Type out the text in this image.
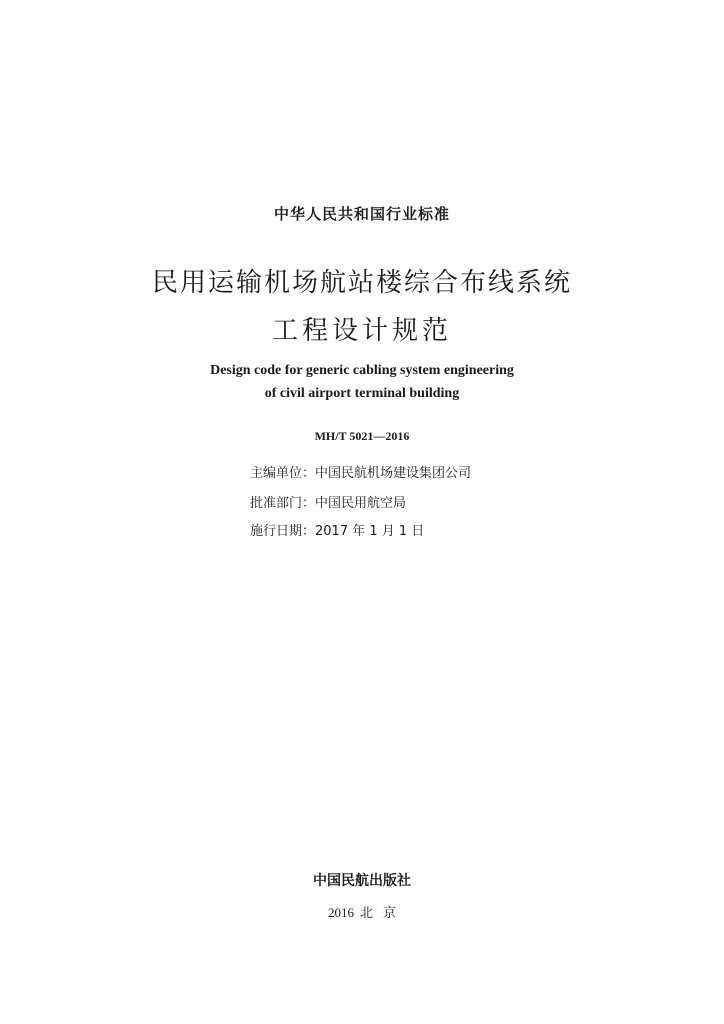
中华人民共和国行业标准
民用运输机场航站楼综合布线系统
工程设计规范
Design code for generic cabling system engineering
of civil airport terminal building
MH/T 5021—2016
主编单位：中国民航机场建设集团公司
批准部门：中国民用航空局
施行日期：2017 年 1 月 1 日
中国民航出版社
2016 北 京
